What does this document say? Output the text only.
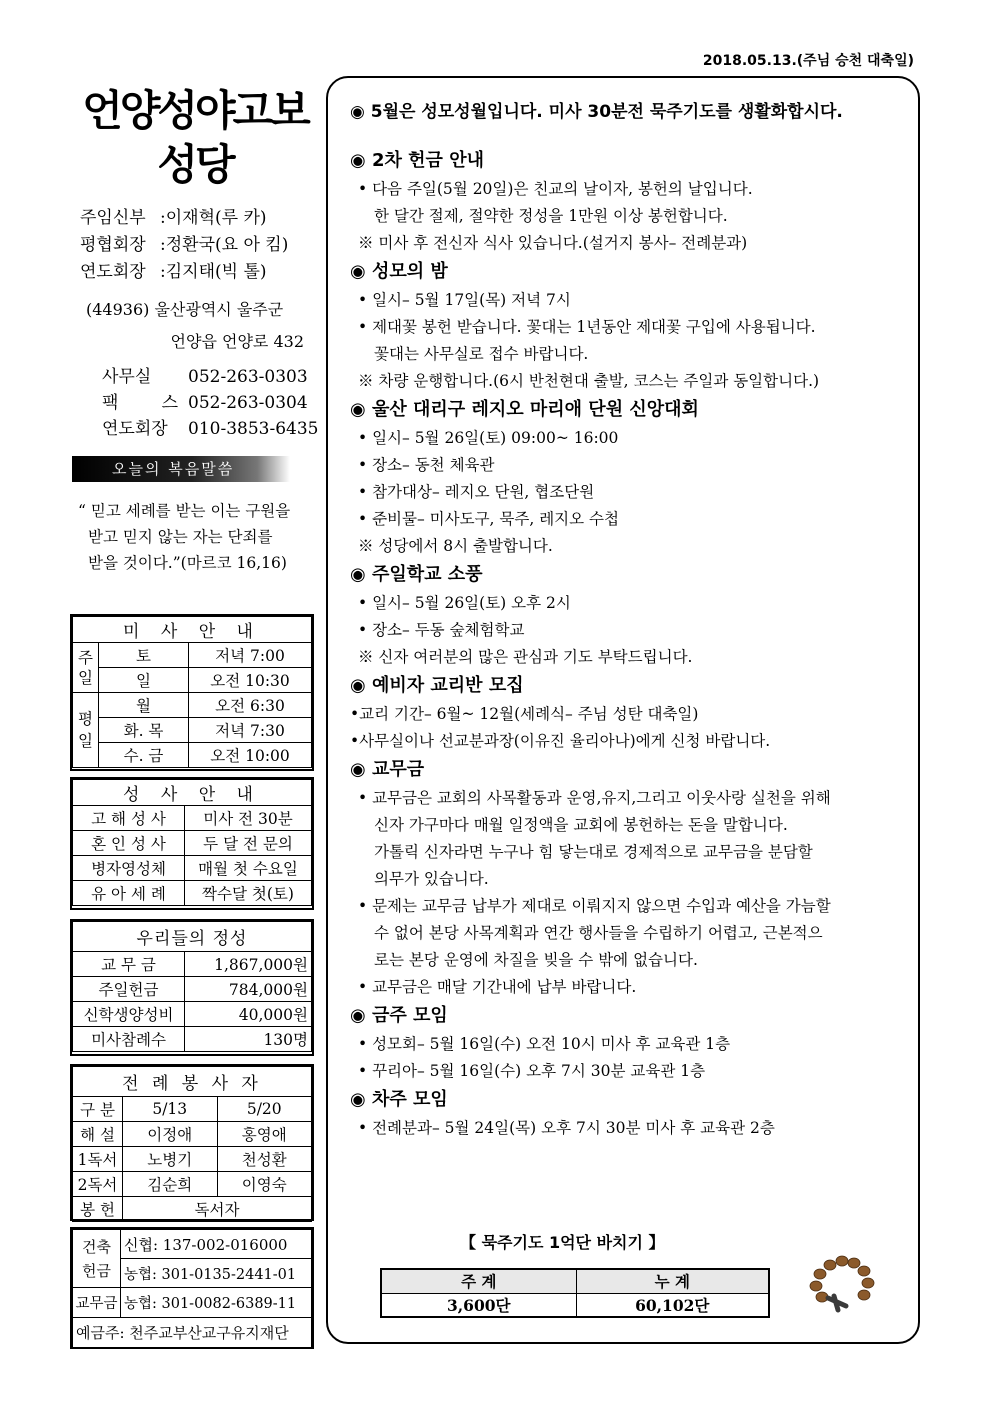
2018.05.13.(주님 승천 대축일)
언양성야고보
성당
주임신부 :이재혁(루 카)
평협회장 :정환국(요 아 킴)
연도회장 :김지태(빅 톨)
(44936) 울산광역시 울주군
언양읍 언양로 432
사무실	052-263-0303
팩 스 052-263-0304
연도회장	010-3853-6435
오늘의 복음말씀
“ 믿고 세례를 받는 이는 구원을
받고 믿지 않는 자는 단죄를
받을 것이다.”(마르코 16,16)
미 사 안 내		
주일	토	저녁 7:00
	일	오전 10:30
평일	월	오전 6:30
	화. 목	저녁 7:30
	수. 금	오전 10:00
성 사 안 내	
고 해 성 사	미사 전 30분
혼 인 성 사	두 달 전 문의
병자영성체	매월 첫 수요일
유 아 세 례	짝수달 첫(토)
우리들의 정성	
교 무 금	1,867,000원
주일헌금	784,000원
신학생양성비	40,000원
미사참례수	130명
전 례 봉 사 자		
구 분	5/13	5/20
해 설	이정애	홍영애
1독서	노병기	천성환
2독서	김순희	이영숙
봉 헌	독서자	
건축헌금	신협: 137-002-016000
	농협: 301-0135-2441-01
교무금	농협: 301-0082-6389-11
예금주: 천주교부산교구유지재단	
◉ 5월은 성모성월입니다. 미사 30분전 묵주기도를 생활화합시다.
◉ 2차 헌금 안내
• 다음 주일(5월 20일)은 친교의 날이자, 봉헌의 날입니다.
한 달간 절제, 절약한 정성을 1만원 이상 봉헌합니다.
※ 미사 후 전신자 식사 있습니다.(설거지 봉사– 전례분과)
◉ 성모의 밤
• 일시– 5월 17일(목) 저녁 7시
• 제대꽃 봉헌 받습니다. 꽃대는 1년동안 제대꽃 구입에 사용됩니다.
꽃대는 사무실로 접수 바랍니다.
※ 차량 운행합니다.(6시 반천현대 출발, 코스는 주일과 동일합니다.)
◉ 울산 대리구 레지오 마리애 단원 신앙대회
• 일시– 5월 26일(토) 09:00~ 16:00
• 장소– 동천 체육관
• 참가대상– 레지오 단원, 협조단원
• 준비물– 미사도구, 묵주, 레지오 수첩
※ 성당에서 8시 출발합니다.
◉ 주일학교 소풍
• 일시– 5월 26일(토) 오후 2시
• 장소– 두동 숲체험학교
※ 신자 여러분의 많은 관심과 기도 부탁드립니다.
◉ 예비자 교리반 모집
•교리 기간– 6월~ 12월(세례식– 주님 성탄 대축일)
•사무실이나 선교분과장(이유진 율리아나)에게 신청 바랍니다.
◉ 교무금
• 교무금은 교회의 사목활동과 운영,유지,그리고 이웃사랑 실천을 위해
신자 가구마다 매월 일정액을 교회에 봉헌하는 돈을 말합니다.
가톨릭 신자라면 누구나 힘 닿는대로 경제적으로 교무금을 분담할
의무가 있습니다.
• 문제는 교무금 납부가 제대로 이뤄지지 않으면 수입과 예산을 가늠할
수 없어 본당 사목계획과 연간 행사들을 수립하기 어렵고, 근본적으
로는 본당 운영에 차질을 빚을 수 밖에 없습니다.
• 교무금은 매달 기간내에 납부 바랍니다.
◉ 금주 모임
• 성모회– 5월 16일(수) 오전 10시 미사 후 교육관 1층
• 꾸리아– 5월 16일(수) 오후 7시 30분 교육관 1층
◉ 차주 모임
• 전례분과– 5월 24일(목) 오후 7시 30분 미사 후 교육관 2층
【 묵주기도 1억단 바치기 】
주 계	누 계
3,600단	60,102단
